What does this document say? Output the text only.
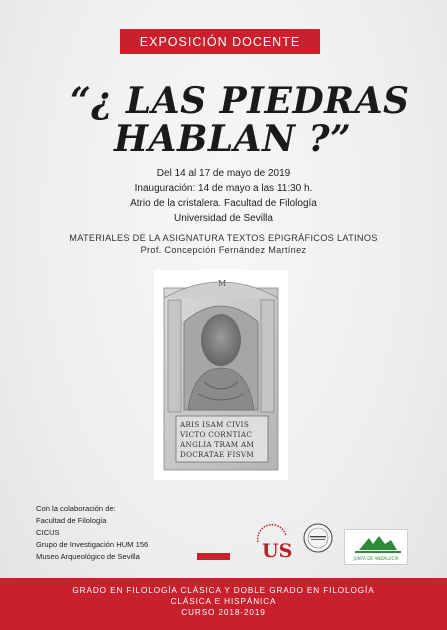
EXPOSICIÓN DOCENTE
“¿ LAS PIEDRAS
HABLAN ?”
Del 14 al 17 de mayo de 2019
Inauguración: 14 de mayo a las 11:30 h.
Atrio de la cristalera. Facultad de Filología
Universidad de Sevilla
MATERIALES DE LA ASIGNATURA TEXTOS EPIGRÁFICOS LATINOS
Prof. Concepción Fernández Martínez
M
ARIS ISAM CIVIS
VICTO CORNTIAC
ANGLIA TRAM AM
DOCRATAE FISVM
Con la colaboración de:
Facultad de Filología
CICUS
Grupo de Investigación HUM 156
Museo Arqueológico de Sevilla	US	JUNTA DE ANDALUCIA
GRADO EN FILOLOGÍA CLÁSICA Y DOBLE GRADO EN FILOLOGÍA
CLÁSICA E HISPÁNICA
CURSO 2018-2019
